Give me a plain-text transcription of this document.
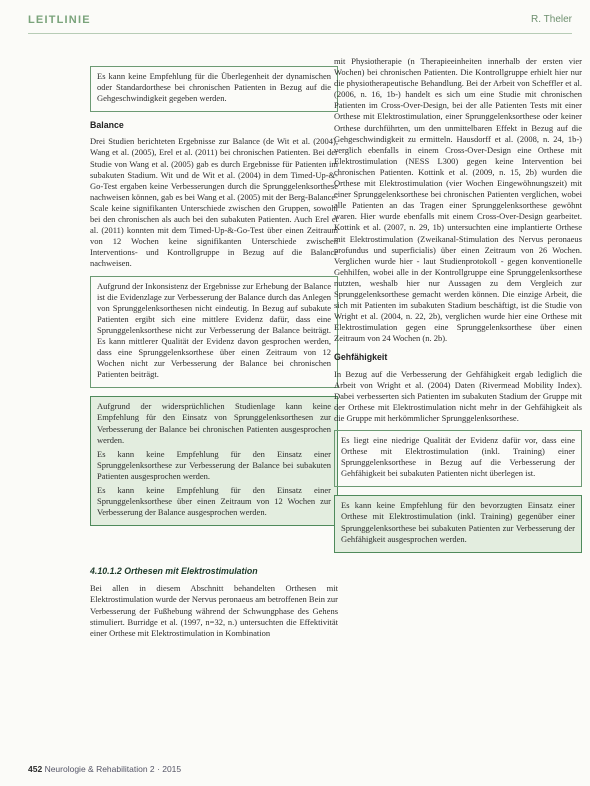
LEITLINIE	R. Theler

Es kann keine Empfehlung für die Überlegenheit der dynamischen oder Standardorthese bei chronischen Patienten in Bezug auf die Gehgeschwindigkeit gegeben werden.

Balance

Drei Studien berichteten Ergebnisse zur Balance (de Wit et al. (2004), Wang et al. (2005), Erel et al. (2011) bei chronischen Patienten. Bei der Studie von Wang et al. (2005) gab es durch Ergebnisse für Patienten im subakuten Stadium. Wit und de Wit et al. (2004) in dem Timed-Up-&-Go-Test ergaben keine Verbesserungen durch die Sprunggelenksorthese nachweisen können, gab es bei Wang et al. (2005) mit der Berg-Balance-Scale keine signifikanten Unterschiede zwischen den Gruppen, sowohl bei den chronischen als auch bei den subakuten Patienten. Auch Erel et al. (2011) konnten mit dem Timed-Up-&-Go-Test über einen Zeitraum von 12 Wochen keine signifikanten Unterschiede zwischen Interventions- und Kontrollgruppe in Bezug auf die Balance nachweisen.

Aufgrund der Inkonsistenz der Ergebnisse zur Erhebung der Balance ist die Evidenzlage zur Verbesserung der Balance durch das Anlegen von Sprunggelenksorthesen nicht eindeutig. In Bezug auf subakute Patienten ergibt sich eine mittlere Evidenz dafür, dass eine Sprunggelenksorthese nicht zur Verbesserung der Balance beiträgt. Es kann mittlerer Qualität der Evidenz davon gesprochen werden, dass eine Sprunggelenksorthese über einen Zeitraum von 12 Wochen nicht zur Verbesserung der Balance bei chronischen Patienten beiträgt.

Aufgrund der widersprüchlichen Studienlage kann keine Empfehlung für den Einsatz von Sprunggelenksorthesen zur Verbesserung der Balance bei chronischen Patienten ausgesprochen werden.

Es kann keine Empfehlung für den Einsatz einer Sprunggelenksorthese zur Verbesserung der Balance bei subakuten Patienten ausgesprochen werden.

Es kann keine Empfehlung für den Einsatz einer Sprunggelenksorthese über einen Zeitraum von 12 Wochen zur Verbesserung der Balance ausgesprochen werden.

4.10.1.2 Orthesen mit Elektrostimulation

Bei allen in diesem Abschnitt behandelten Orthesen mit Elektrostimulation wurde der Nervus peronaeus am betroffenen Bein zur Verbesserung der Fußhebung während der Schwungphase des Gehens stimuliert. Burridge et al. (1997, n=32, n.) untersuchten die Effektivität einer Orthese mit Elektrostimulation in Kombination

mit Physiotherapie (n Therapieeinheiten innerhalb der ersten vier Wochen) bei chronischen Patienten. Die Kontrollgruppe erhielt hier nur die physiotherapeutische Behandlung. Bei der Arbeit von Scheffler et al. (2006, n. 16, 1b-) handelt es sich um eine Studie mit chronischen Patienten im Cross-Over-Design, bei der alle Patienten Tests mit einer Orthese mit Elektrostimulation, einer Sprunggelenksorthese oder keiner Orthese durchführten, um den unmittelbaren Effekt in Bezug auf die Gehgeschwindigkeit zu ermitteln. Hausdorff et al. (2008, n. 24, 1b-) verglich ebenfalls in einem Cross-Over-Design eine Orthese mit Elektrostimulation (NESS L300) gegen keine Intervention bei chronischen Patienten. Kottink et al. (2009, n. 15, 2b) wurden die Orthese mit Elektrostimulation (vier Wochen Eingewöhnungszeit) mit einer Sprunggelenksorthese bei chronischen Patienten verglichen, wobei alle Patienten an das Tragen einer Sprunggelenksorthese gewöhnt waren. Hier wurde ebenfalls mit einem Cross-Over-Design gearbeitet. Kottink et al. (2007, n. 29, 1b) untersuchten eine implantierte Orthese mit Elektrostimulation (Zweikanal-Stimulation des Nervus peronaeus profundus und superficialis) über einen Zeitraum von 26 Wochen. Verglichen wurde hier - laut Studienprotokoll - gegen konventionelle Gehhilfen, wobei alle in der Kontrollgruppe eine Sprunggelenksorthese nutzten, weshalb hier nur Aussagen zu dem Vergleich zur Sprunggelenksorthese gemacht werden können. Die einzige Arbeit, die sich mit Patienten im subakuten Stadium beschäftigt, ist die Studie von Wright et al. (2004, n. 22, 2b), verglichen wurde hier eine Orthese mit Elektrostimulation gegen eine Sprunggelenksorthese über einen Zeitraum von 24 Wochen (n. 2b).

Gehfähigkeit

In Bezug auf die Verbesserung der Gehfähigkeit ergab lediglich die Arbeit von Wright et al. (2004) Daten (Rivermead Mobility Index). Dabei verbesserten sich Patienten im subakuten Stadium der Gruppe mit der Orthese mit Elektrostimulation nicht mehr in der Gehfähigkeit als die Gruppe mit herkömmlicher Sprunggelenksorthese.

Es liegt eine niedrige Qualität der Evidenz dafür vor, dass eine Orthese mit Elektrostimulation (inkl. Training) einer Sprunggelenksorthese in Bezug auf die Verbesserung der Gehfähigkeit bei subakuten Patienten nicht überlegen ist.

Es kann keine Empfehlung für den bevorzugten Einsatz einer Orthese mit Elektrostimulation (inkl. Training) gegenüber einer Sprunggelenksorthese bei subakuten Patienten zur Verbesserung der Gehfähigkeit ausgesprochen werden.

452 Neurologie & Rehabilitation 2 · 2015
